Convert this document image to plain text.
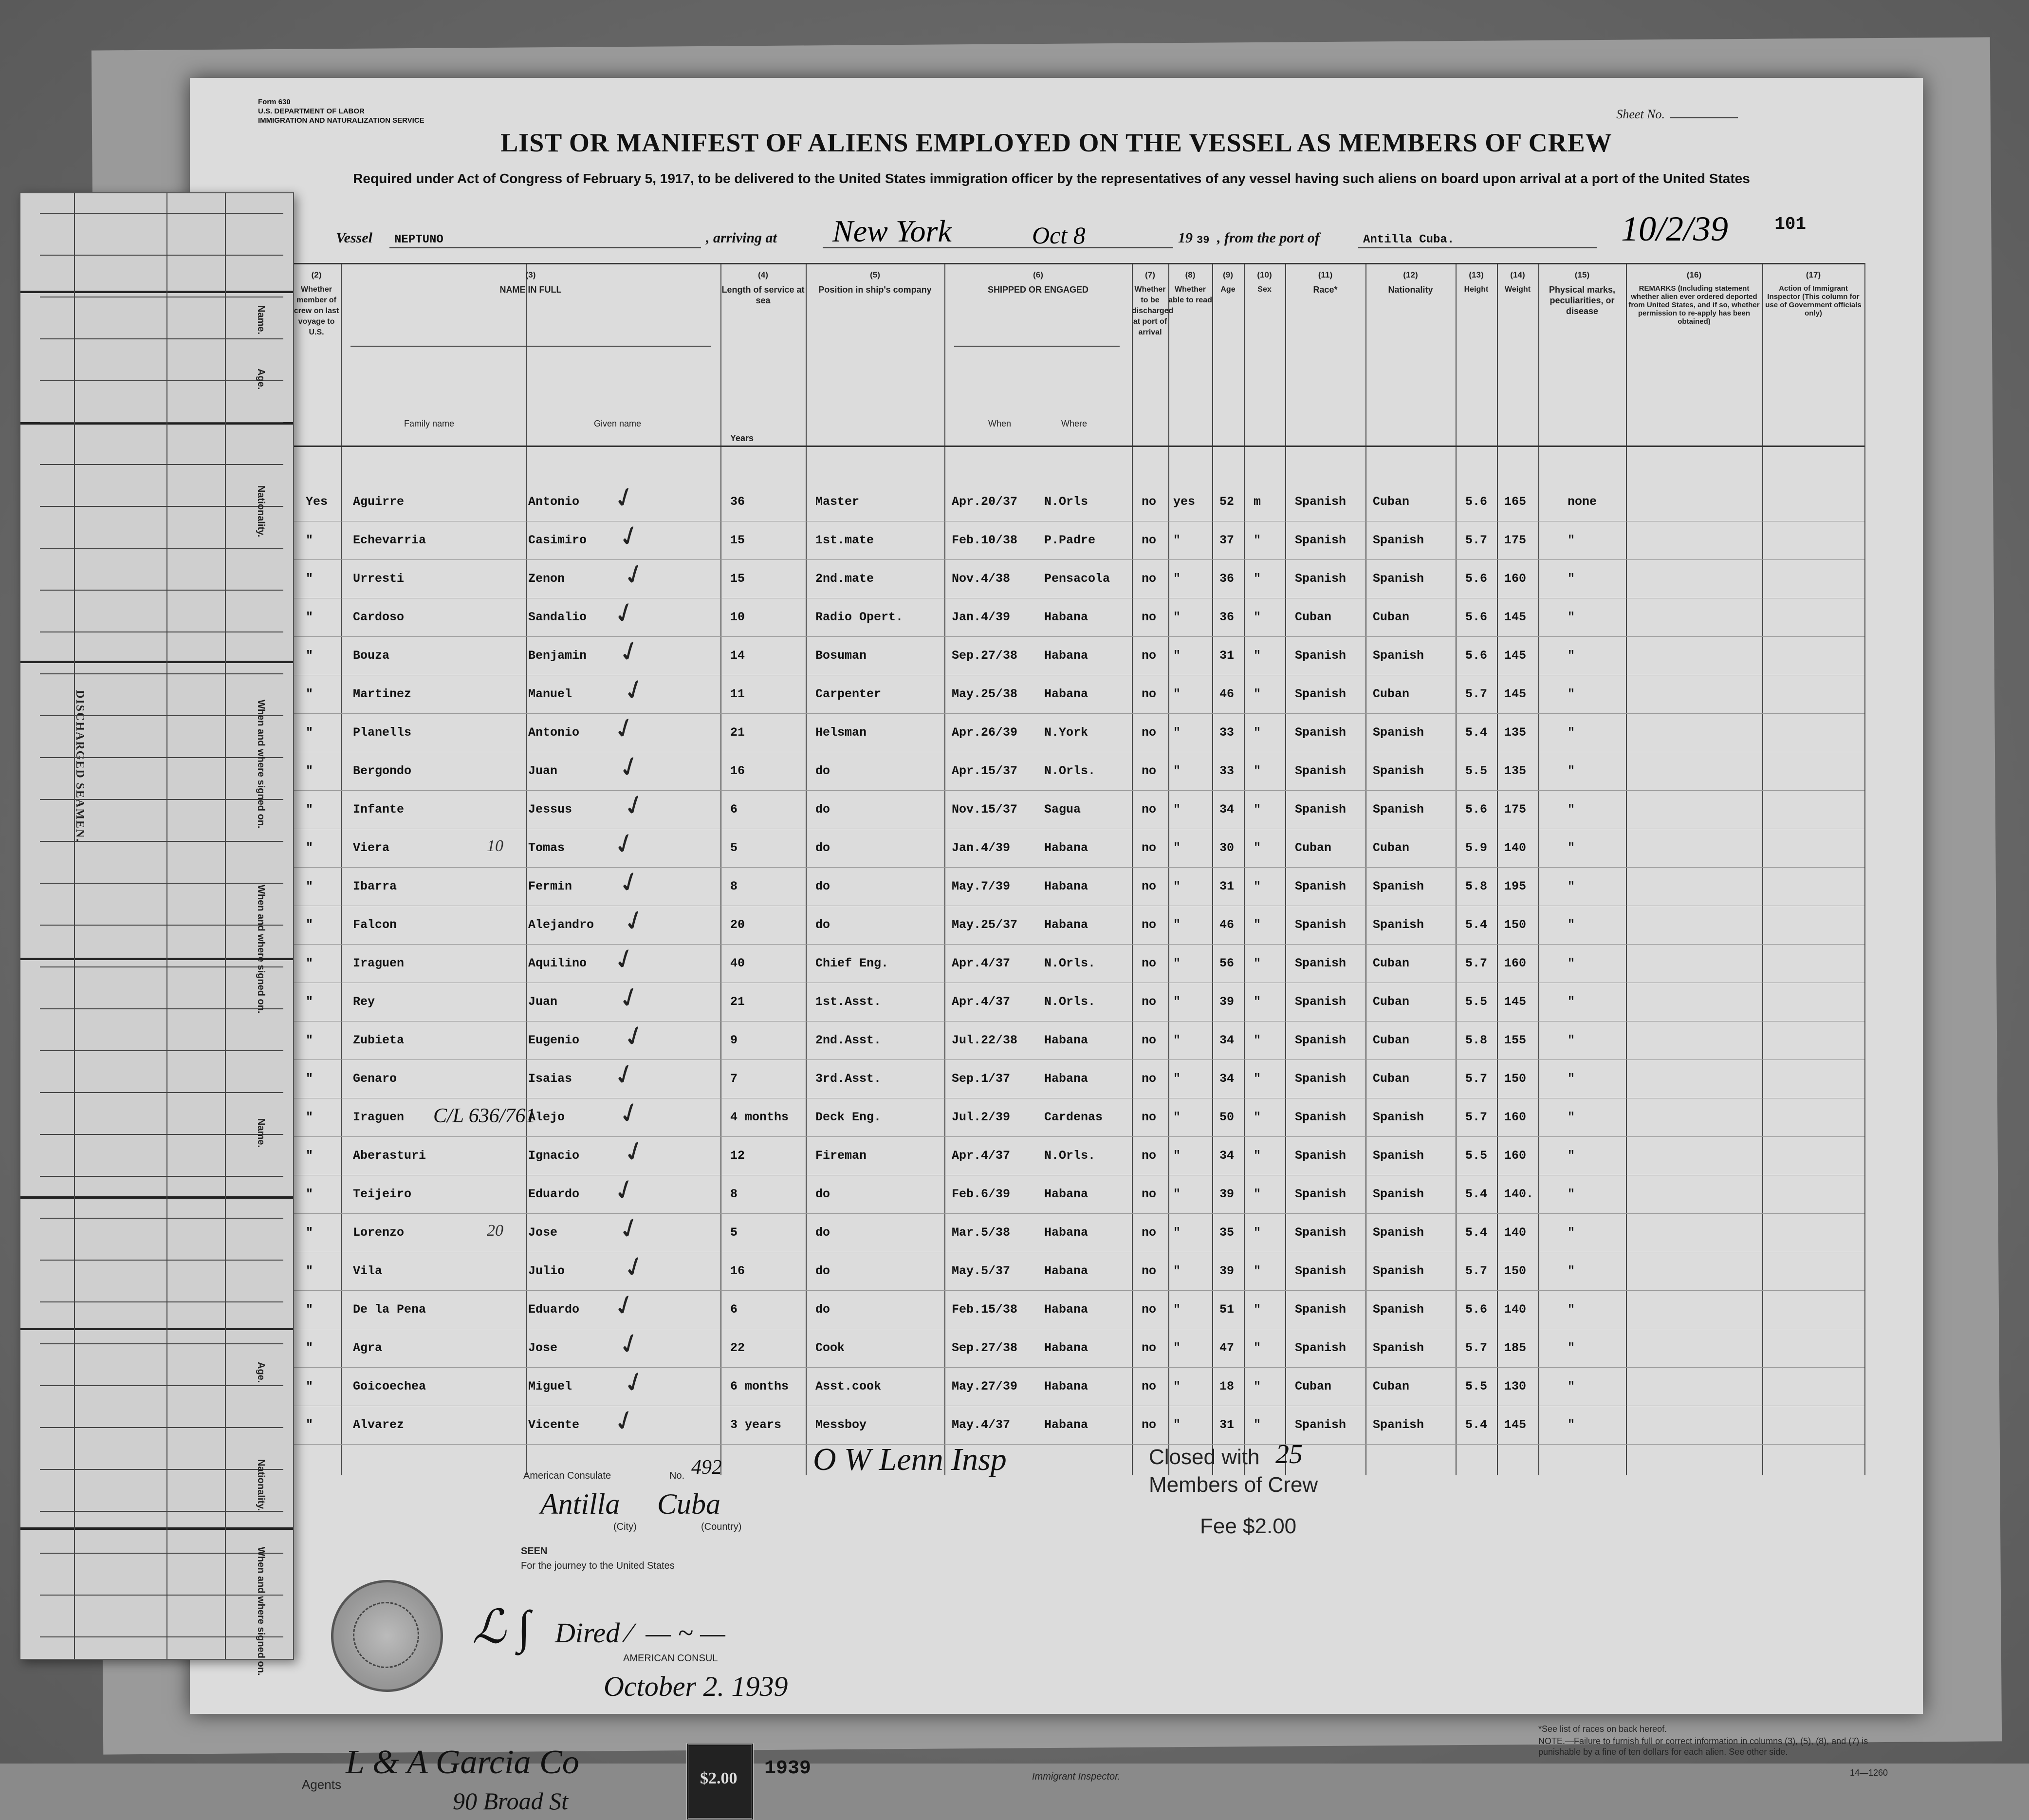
Form 630
U.S. DEPARTMENT OF LABOR
IMMIGRATION AND NATURALIZATION SERVICE	Sheet No.
LIST OR MANIFEST OF ALIENS EMPLOYED ON THE VESSEL AS MEMBERS OF CREW
Required under Act of Congress of February 5, 1917, to be delivered to the United States immigration officer by the representatives of any vessel having such aliens on board upon arrival at a port of the United States
Vessel NEPTUNO	, arriving at New York	Oct 8	19 39 , from the port of	Antilla Cuba.	10/2/39	101
(2)
Whether member of crew on last voyage to U.S.
(3)
NAME IN FULL
(4)
Length of service at sea
(5)
Position in ship's company
(6)
SHIPPED OR ENGAGED
(7)
Whether to be discharged at port of arrival
(8)
Whether able to read
(9)
Age
(10)
Sex
(11)
Race*
(12)
Nationality
(13)
Height
(14)
Weight
(15)
Physical marks, peculiarities, or disease
(16)
REMARKS (Including statement whether alien ever ordered deported from United States, and if so, whether permission to re-apply has been obtained)
(17)
Action of Immigrant Inspector (This column for use of Government officials only)
Family name	Given name	When	Where
Years
Yes Aguirre	Antonio	36	Master	Apr.20/37 N.Orls	no yes 52 m	Spanish Cuban	5.6 165	none
"	Echevarria	Casimiro	15	1st.mate	Feb.10/38 P.Padre	no "	37 "	Spanish Spanish	5.7 175	"
"	Urresti	Zenon	15	2nd.mate	Nov.4/38	Pensacola	no "	36 "	Spanish Spanish	5.6 160	"
"	Cardoso	Sandalio	10	Radio Opert.	Jan.4/39	Habana	no "	36 "	Cuban	Cuban	5.6 145	"
"	Bouza	Benjamin	14	Bosuman	Sep.27/38 Habana	no "	31 "	Spanish Spanish	5.6 145	"
"	Martinez	Manuel	11	Carpenter	May.25/38 Habana	no "	46 "	Spanish Cuban	5.7 145	"
"	Planells	Antonio	21	Helsman	Apr.26/39 N.York	no "	33 "	Spanish Spanish	5.4 135	"
"	Bergondo	Juan	16	do	Apr.15/37 N.Orls.	no "	33 "	Spanish Spanish	5.5 135	"
"	Infante	Jessus	6	do	Nov.15/37 Sagua	no "	34 "	Spanish Spanish	5.6 175	"
"	Viera	Tomas	5	do	Jan.4/39	Habana	no "	30 "	Cuban	Cuban	5.9 140	"
"	Ibarra	Fermin	8	do	May.7/39	Habana	no "	31 "	Spanish Spanish	5.8 195	"
"	Falcon	Alejandro	20	do	May.25/37 Habana	no "	46 "	Spanish Spanish	5.4 150	"
"	Iraguen	Aquilino	40	Chief Eng.	Apr.4/37	N.Orls.	no "	56 "	Spanish Cuban	5.7 160	"
"	Rey	Juan	21	1st.Asst.	Apr.4/37	N.Orls.	no "	39 "	Spanish Cuban	5.5 145	"
"	Zubieta	Eugenio	9	2nd.Asst.	Jul.22/38 Habana	no "	34 "	Spanish Cuban	5.8 155	"
"	Genaro	Isaias	7	3rd.Asst.	Sep.1/37	Habana	no "	34 "	Spanish Cuban	5.7 150	"
"	Iraguen	Alejo	4 months Deck Eng.	Jul.2/39	Cardenas	no "	50 "	Spanish Spanish	5.7 160	"
"	Aberasturi	Ignacio	12	Fireman	Apr.4/37	N.Orls.	no "	34 "	Spanish Spanish	5.5 160	"
"	Teijeiro	Eduardo	8	do	Feb.6/39	Habana	no "	39 "	Spanish Spanish	5.4 140.	"
"	Lorenzo	Jose	5	do	Mar.5/38	Habana	no "	35 "	Spanish Spanish	5.4 140	"
"	Vila	Julio	16	do	May.5/37	Habana	no "	39 "	Spanish Spanish	5.7 150	"
"	De la Pena	Eduardo	6	do	Feb.15/38 Habana	no "	51 "	Spanish Spanish	5.6 140	"
"	Agra	Jose	22	Cook	Sep.27/38 Habana	no "	47 "	Spanish Spanish	5.7 185	"
"	Goicoechea	Miguel	6 months Asst.cook	May.27/39 Habana	no "	18 "	Cuban	Cuban	5.5 130	"
"	Alvarez	Vicente	3 years	Messboy	May.4/37	Habana	no "	31 "	Spanish Spanish	5.4 145	"
C/L 636/761
10
20
✓
✓
✓
✓
✓
✓
✓
✓
✓
✓
✓
✓
✓
✓
✓
✓
✓
✓
✓
✓
✓
✓
✓
✓
✓
American Consulate	No. 492
Antilla Cuba
(City)	(Country)
SEEN
For the journey to the United States
ℒ ∫ Dired ⁄  — ~ —
AMERICAN CONSUL
October 2. 1939
O W Lenn Insp	Closed with 25
Members of Crew
Fee $2.00
Agents
L & A Garcia Co
90 Broad St
$2.00 1939	Immigrant Inspector.
*See list of races on back hereof.
NOTE.—Failure to furnish full or correct information in columns (3), (5), (8), and (7) is punishable by a fine of ten dollars for each alien. See other side.
14—1260
DISCHARGED SEAMEN.
Name.
Age.
Nationality.
When and where signed on.
When and where signed on.
Name.
Age.
Nationality.
When and where signed on.
